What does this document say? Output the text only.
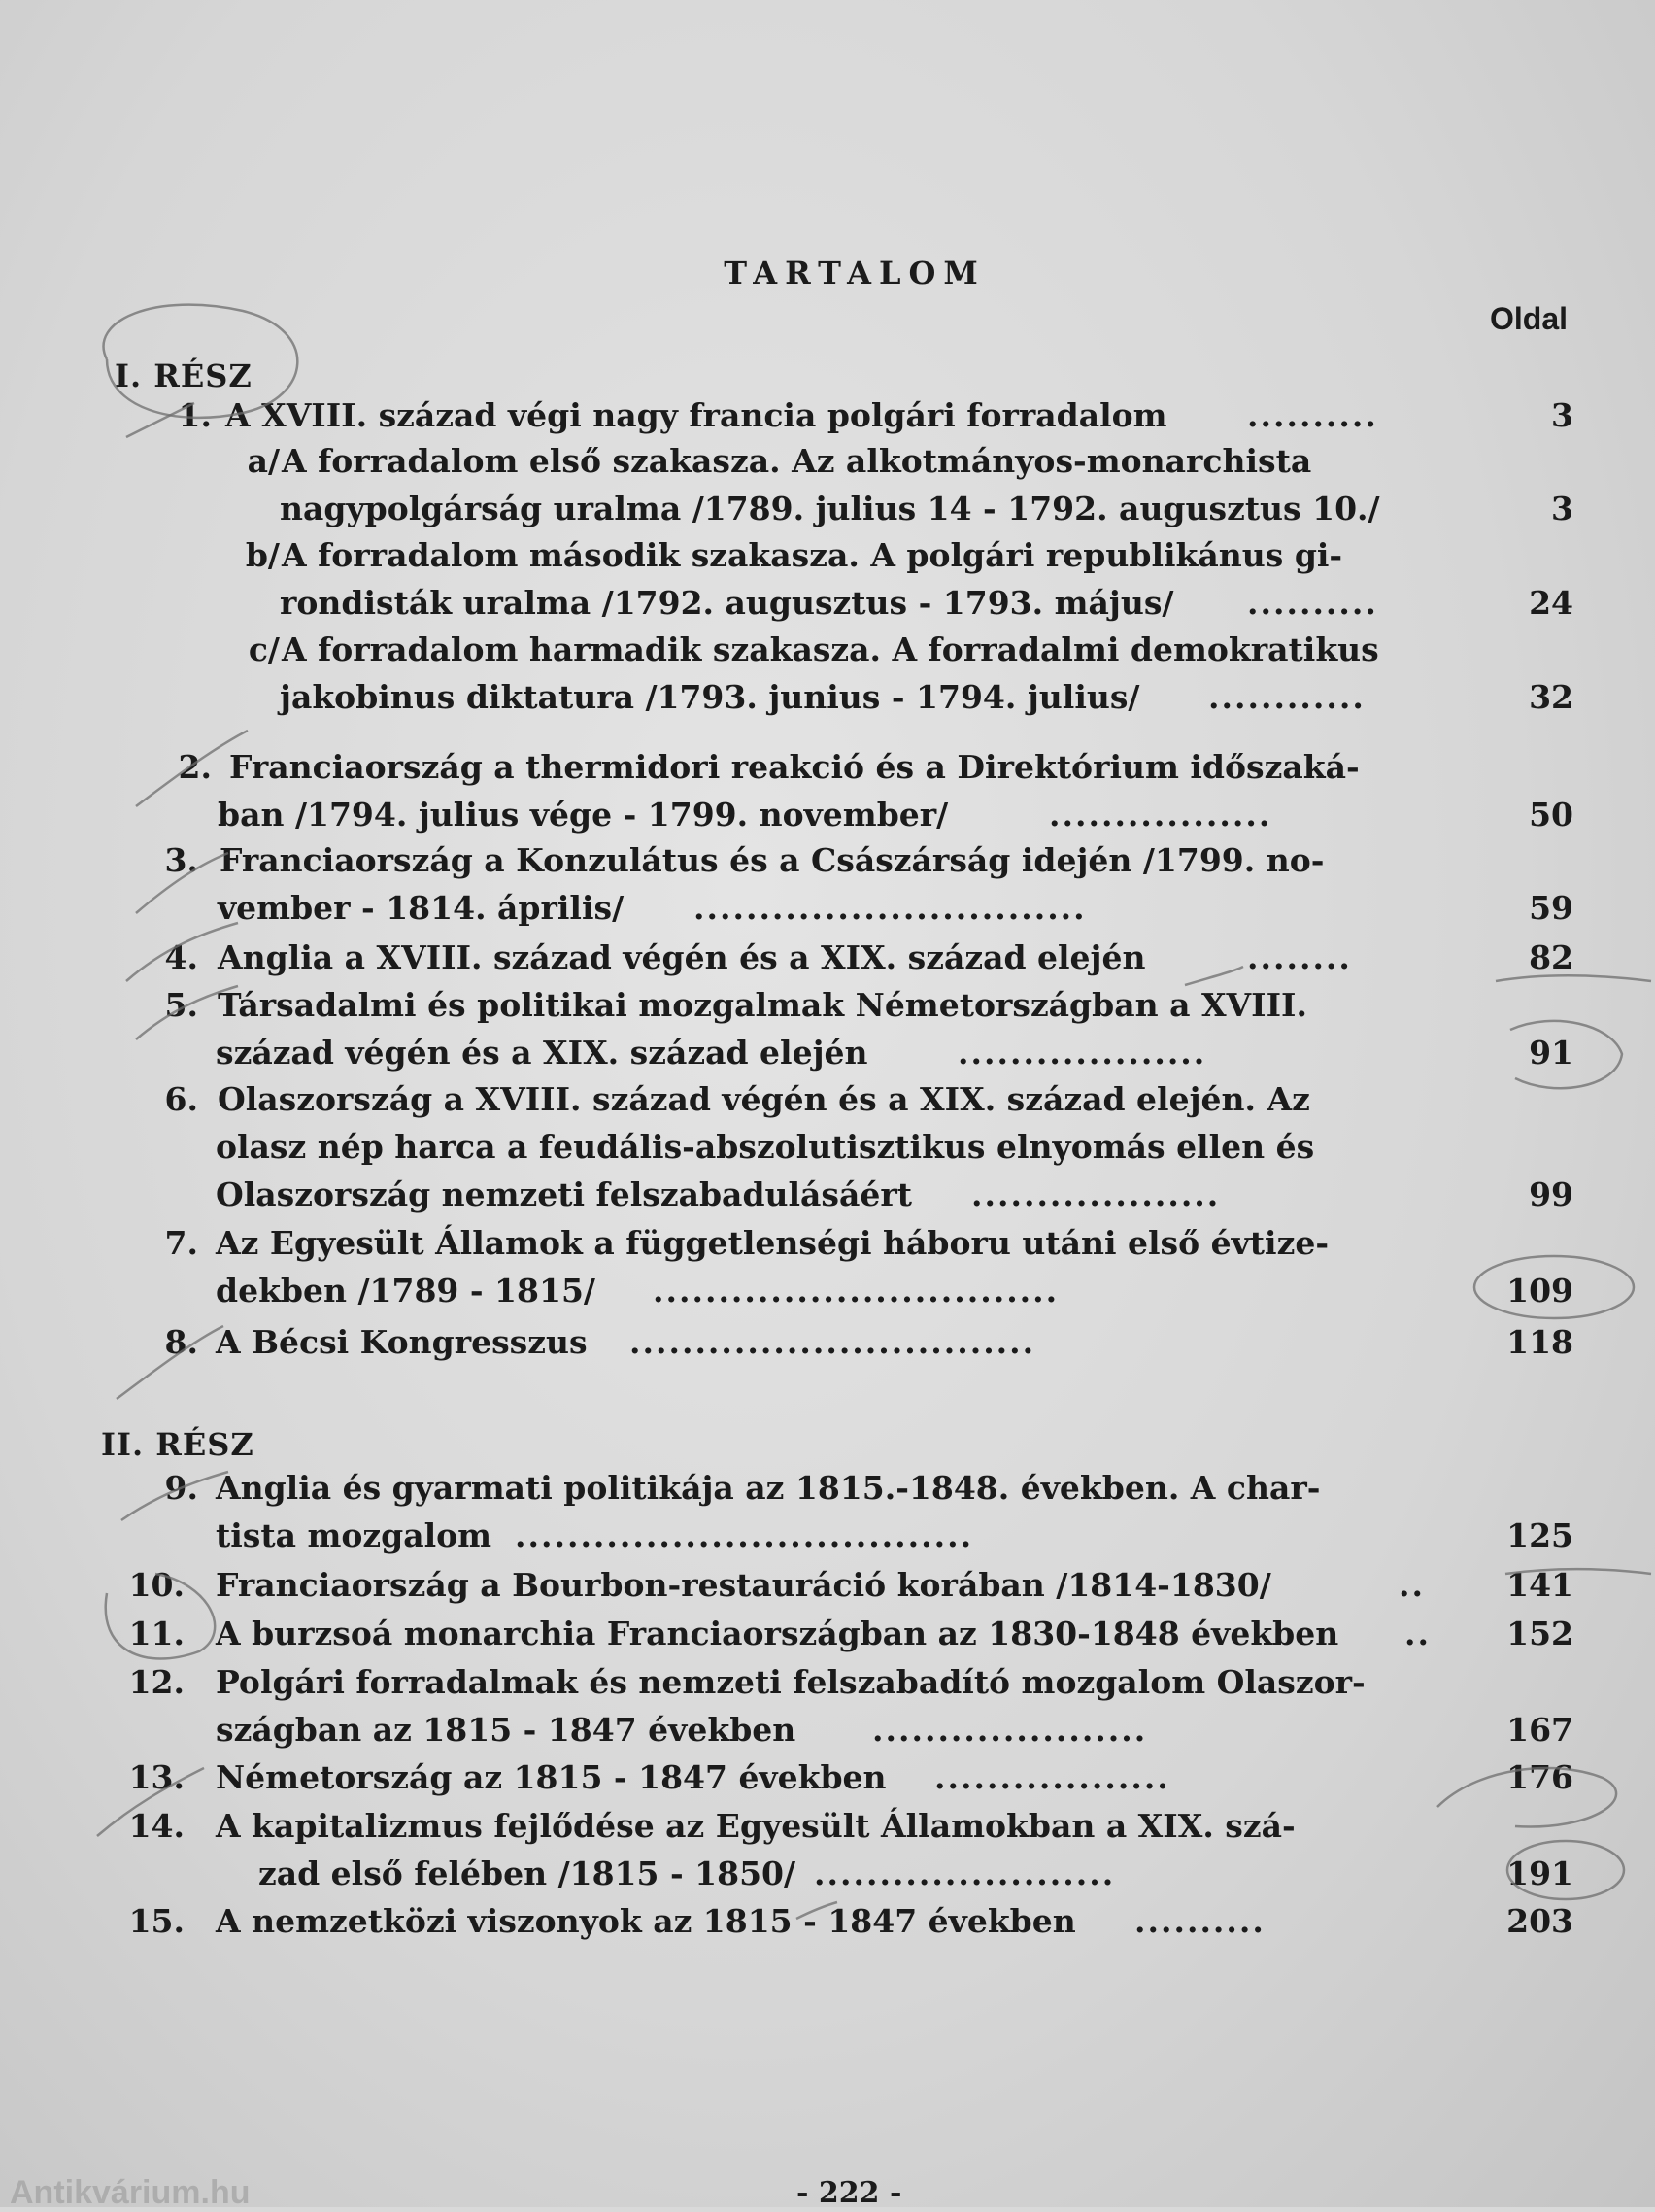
TARTALOM
Oldal
I. RÉSZ
II. RÉSZ
1. A XVIII. század végi nagy francia polgári forradalom ..........	3
a/ A forradalom első szakasza. Az alkotmányos-monarchista
nagypolgárság uralma /1789. julius 14 - 1792. augusztus 10./	3
b/ A forradalom második szakasza. A polgári republikánus gi-
rondisták uralma /1792. augusztus - 1793. május/ ..........	24
c/ A forradalom harmadik szakasza. A forradalmi demokratikus
jakobinus diktatura /1793. junius - 1794. julius/ ............	32
2. Franciaország a thermidori reakció és a Direktórium időszaká-
ban /1794. julius vége - 1799. november/	.................	50
3. Franciaország a Konzulátus és a Császárság idején /1799. no-
vember - 1814. április/ ..............................	59
4. Anglia a XVIII. század végén és a XIX. század elején	........	82
5. Társadalmi és politikai mozgalmak Németországban a XVIII.
század végén és a XIX. század elején	...................	91
6. Olaszország a XVIII. század végén és a XIX. század elején. Az
olasz nép harca a feudális-abszolutisztikus elnyomás ellen és
Olaszország nemzeti felszabadulásáért ...................	99
7. Az Egyesült Államok a függetlenségi háboru utáni első évtize-
dekben /1789 - 1815/ ...............................	109
8. A Bécsi Kongresszus ...............................	118
9. Anglia és gyarmati politikája az 1815.-1848. években. A char-
tista mozgalom ...................................	125
10. Franciaország a Bourbon-restauráció korában /1814-1830/	..	141
11. A burzsoá monarchia Franciaországban az 1830-1848 években ..	152
12. Polgári forradalmak és nemzeti felszabadító mozgalom Olaszor-
szágban az 1815 - 1847 években .....................	167
13. Németország az 1815 - 1847 években ..................	176
14. A kapitalizmus fejlődése az Egyesült Államokban a XIX. szá-
zad első felében /1815 - 1850/ .......................	191
15. A nemzetközi viszonyok az 1815 - 1847 években ..........	203
- 222 -
Antikvárium.hu
